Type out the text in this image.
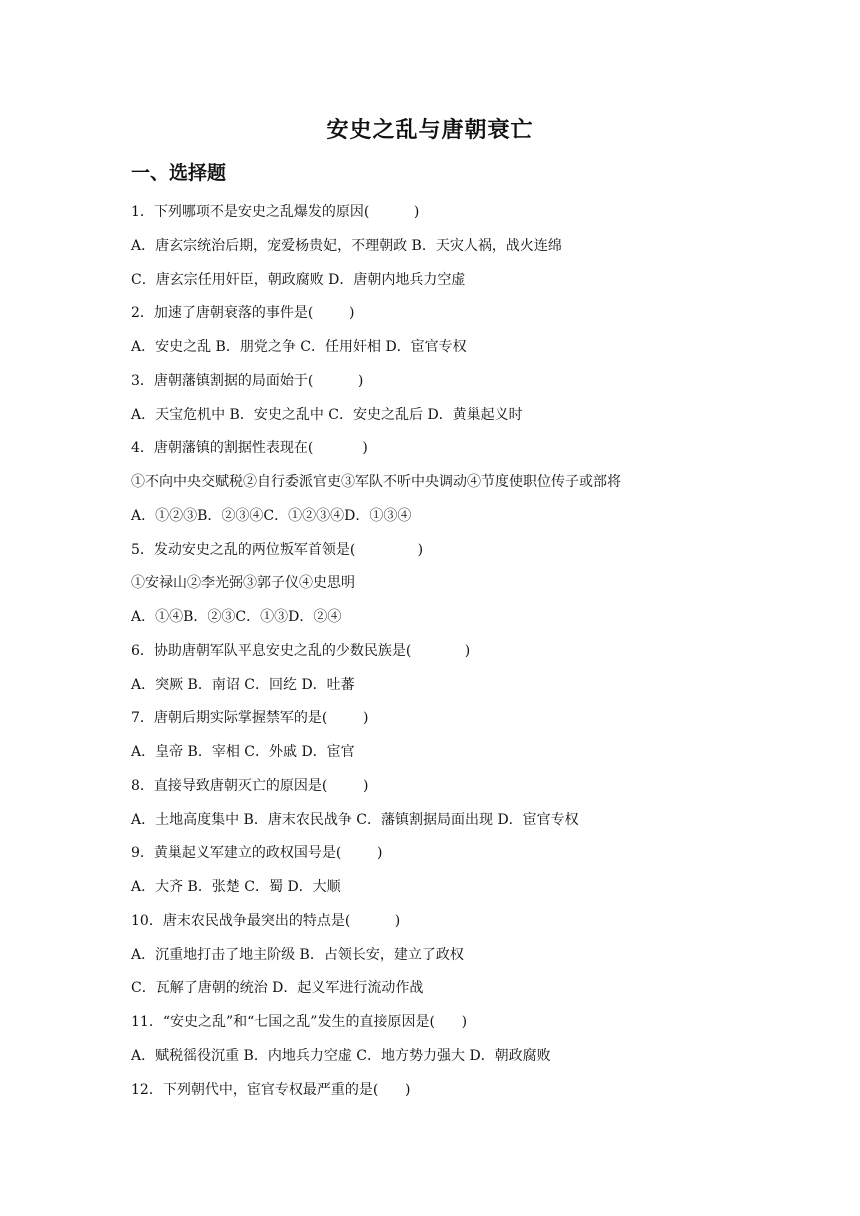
安史之乱与唐朝衰亡
一、选择题
1．下列哪项不是安史之乱爆发的原因(          )
A．唐玄宗统治后期，宠爱杨贵妃，不理朝政 B．天灾人祸，战火连绵
C．唐玄宗任用奸臣，朝政腐败 D．唐朝内地兵力空虚
2．加速了唐朝衰落的事件是(        )
A．安史之乱 B．朋党之争 C．任用奸相 D．宦官专权
3．唐朝藩镇割据的局面始于(          )
A．天宝危机中 B．安史之乱中 C．安史之乱后 D．黄巢起义时
4．唐朝藩镇的割据性表现在(           )
①不向中央交赋税②自行委派官吏③军队不听中央调动④节度使职位传子或部将
A．①②③B．②③④C．①②③④D．①③④
5．发动安史之乱的两位叛军首领是(              )
①安禄山②李光弼③郭子仪④史思明
A．①④B．②③C．①③D．②④
6．协助唐朝军队平息安史之乱的少数民族是(            )
A．突厥 B．南诏 C．回纥 D．吐蕃
7．唐朝后期实际掌握禁军的是(        )
A．皇帝 B．宰相 C．外戚 D．宦官
8．直接导致唐朝灭亡的原因是(        )
A．土地高度集中 B．唐末农民战争 C．藩镇割据局面出现 D．宦官专权
9．黄巢起义军建立的政权国号是(        )
A．大齐 B．张楚 C．蜀 D．大顺
10．唐末农民战争最突出的特点是(          )
A．沉重地打击了地主阶级 B．占领长安，建立了政权
C．瓦解了唐朝的统治 D．起义军进行流动作战
11．“安史之乱”和“七国之乱”发生的直接原因是(      )
A．赋税徭役沉重 B．内地兵力空虚 C．地方势力强大 D．朝政腐败
12．下列朝代中，宦官专权最严重的是(      )
